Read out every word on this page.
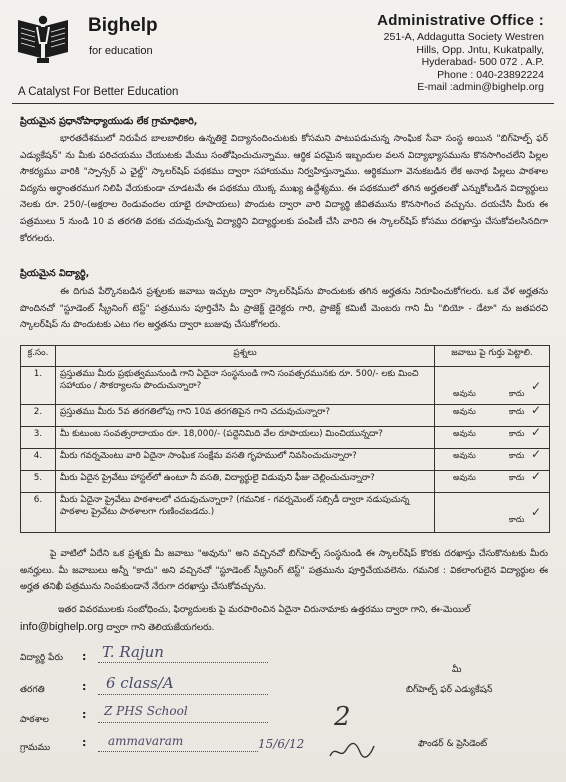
Bighelp
for education
A Catalyst For Better Education
Administrative Office :
251-A, Addagutta Society Westren
Hills, Opp. Jntu, Kukatpally,
Hyderabad- 500 072 . A.P.
Phone : 040-23892224
E-mail :admin@bighelp.org
ప్రియమైన ప్రధానోపాధ్యాయుడు లేక గ్రామాధికారి,
భారతదేశములో నిరుపేద బాలబాలికల ఉన్నతికై విద్యానందించుటకు కోసమని పాటుపడుచున్న సాంఘిక సేవా సంస్థ అయిన "బిగ్‌హెల్ప్ ఫర్ ఎడ్యుకేషన్" ను మీకు పరిచయము చేయుటకు మేము సంతోషించుచున్నాము. ఆర్థిక పరమైన ఇబ్బందుల వలన విద్యాభ్యాసమును కొనసాగించలేని పిల్లల సౌకర్యము వారికి "స్పాన్సర్ ఎ ఛైల్డ్" స్కాలర్‌షిప్ పథకము ద్వారా సహాయము నిర్వహిస్తున్నాము. ఆర్థికముగా వెనుకబడిన లేక అనాథ పిల్లలు పాఠశాల విద్యను అర్ధాంతరముగ నిలిపి వేయకుండా చూడటమే ఈ పథకము యొక్క ముఖ్య ఉద్దేశ్యము. ఈ పథకములో తగిన అర్హతలతో ఎన్నుకోబడిన విద్యార్థులు నెలకు రూ. 250/-(అక్షరాల రెండువందల యాభై రూపాయలు) పొందుట ద్వారా వారి విద్యార్థి జీవితమును కొనసాగించ వచ్చును. దయచేసి మీరు ఈ పత్రములు 5 నుండి 10 వ తరగతి వరకు చదువుచున్న విద్యార్థిని విద్యార్థులకు పంపిణీ చేసి వారిని ఈ స్కాలర్‌షిప్ కోసము దరఖాస్తు చేసుకోవలసినదిగా కోరగలరు.
ప్రియమైన విద్యార్థి,
ఈ దిగువ పేర్కొనబడిన ప్రశ్నలకు జవాబు ఇచ్చుట ద్వారా స్కాలర్‌షిప్‌ను పొందుటకు తగిన అర్హతను నిరూపించుకోగలరు. ఒక వేళ అర్హతను పొందినచో "స్టూడెంట్ స్క్రీనింగ్ టెస్ట్" పత్రమును పూర్తిచేసి మీ ప్రాజెక్ట్ డైరెక్టరు గారి, ప్రాజెక్ట్ కమిటీ మెంబరు గాని మీ "బియో - డేటా" ను జతపరచి స్కాలర్‌షిప్ ను పొందుటకు ఎటు గల అర్హతను ద్వారా బుజువు చేసుకోగలరు.
క్ర.సం.	ప్రశ్నలు	జవాబు పై గుర్తు పెట్టాలి.
1.	ప్రస్తుతము మీరు ప్రభుత్వమునుండి గాని ఏదైనా సంస్థనుండి గాని సంవత్సరమునకు రూ. 500/- లకు మించి సహాయం / సౌకర్యాలను పొందుచున్నారా?	అవును కాదు
✓

2.	ప్రస్తుతము మీరు 5వ తరగతిలోపు గాని 10వ తరగతిపైన గాని చదువుచున్నారా?	అవును కాదు ✓

3.	మీ కుటుంబ సంవత్సరాదాయం రూ. 18,000/- (పద్దెనిమిది వేల రూపాయలు) మించియున్నదా?	అవును కాదు ✓

4.	మీరు గవర్నమెంటు వారి ఏదైనా సాంఘిక సంక్షేమ వసతి గృహములో నివసించుచున్నారా?	అవును కాదు ✓

5.	మీరు ఏదైన ప్రైవేటు హాస్టల్‌లో ఉంటూ నీ వసతి, విద్యార్థులై విడువుని ఫీజు చెల్లించుచున్నారా?	అవును కాదు ✓

6.	మీరు ఏదైనా ప్రైవేటు పాఠశాలలో చదువుచున్నారా? (గమనిక - గవర్నమెంట్ సబ్సిడీ ద్వారా నడుపుచున్న పాఠశాల ప్రైవేటు పాఠశాలగా గుణించబడదు.)	కాదు
✓
పై వాటిలో ఏదేని ఒక ప్రశ్నకు మీ జవాబు "అవును" అని వచ్చినచో బిగ్‌హెల్ప్ సంస్థనుండి ఈ స్కాలర్‌షిప్ కొరకు దరఖాస్తు చేసుకొనుటకు మీరు అనర్హులు. మీ జవాబులు అన్నీ "కాదు" అని వచ్చినచో "స్టూడెంట్ స్క్రీనింగ్ టెస్ట్" పత్రమును పూర్తిచేయవలెను. గమనిక : వికలాంగులైన విద్యార్థుల ఈ అర్హత తనిఖీ పత్రమును నింపకుండానే నేరుగా దరఖాస్తు చేసుకోవచ్చును.
ఇతర వివరములకు సంబోధించు, ఫిర్యాదులకు పై మరపారించిన ఏదైనా చిరునామాకు ఉత్తరము ద్వారా గాని, ఈ-మెయిల్
info@bighelp.org ద్వారా గాని తెలియజేయగలరు.
విద్యార్థి పేరు : T. Rajun
తరగతి	: 6 class/A
పాఠశాల	: Z PHS School
గ్రామము	: ammavaram	15/6/12
2
మీ
బిగ్‌హెల్ప్ ఫర్ ఎడ్యుకేషన్
ఫౌండర్ & ప్రెసిడెంట్
